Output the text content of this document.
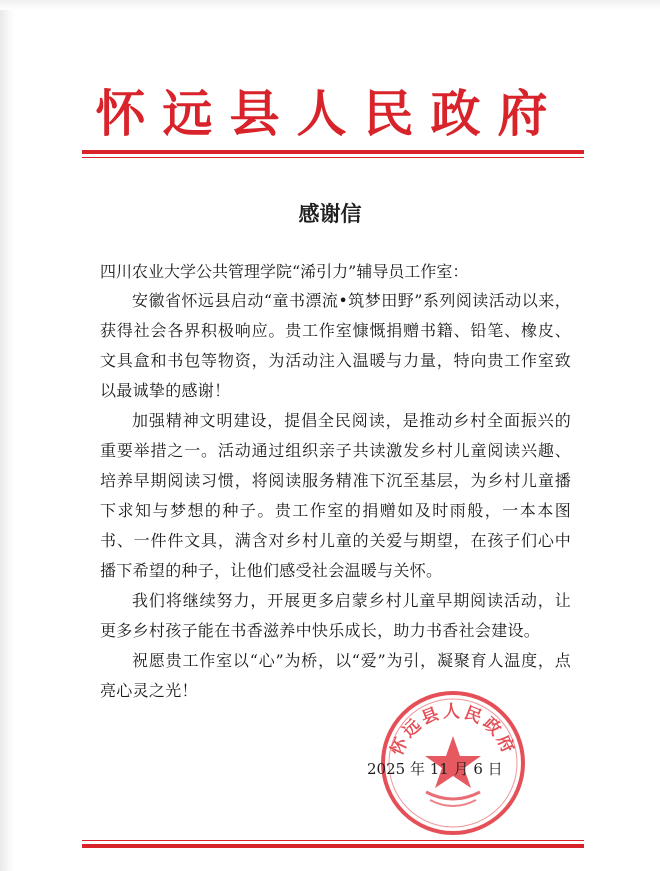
怀远县人民政府
感谢信
四川农业大学公共管理学院“浠引力”辅导员工作室：

安徽省怀远县启动“童书漂流•筑梦田野”系列阅读活动以来，获得社会各界积极响应。贵工作室慷慨捐赠书籍、铅笔、橡皮、文具盒和书包等物资，为活动注入温暖与力量，特向贵工作室致以最诚挚的感谢！

加强精神文明建设，提倡全民阅读，是推动乡村全面振兴的重要举措之一。活动通过组织亲子共读激发乡村儿童阅读兴趣、培养早期阅读习惯，将阅读服务精准下沉至基层，为乡村儿童播下求知与梦想的种子。贵工作室的捐赠如及时雨般，一本本图书、一件件文具，满含对乡村儿童的关爱与期望，在孩子们心中播下希望的种子，让他们感受社会温暖与关怀。

我们将继续努力，开展更多启蒙乡村儿童早期阅读活动，让更多乡村孩子能在书香滋养中快乐成长，助力书香社会建设。

祝愿贵工作室以“心”为桥，以“爱”为引，凝聚育人温度，点亮心灵之光！

怀远县人民政府
2025 年 11 月 6 日
